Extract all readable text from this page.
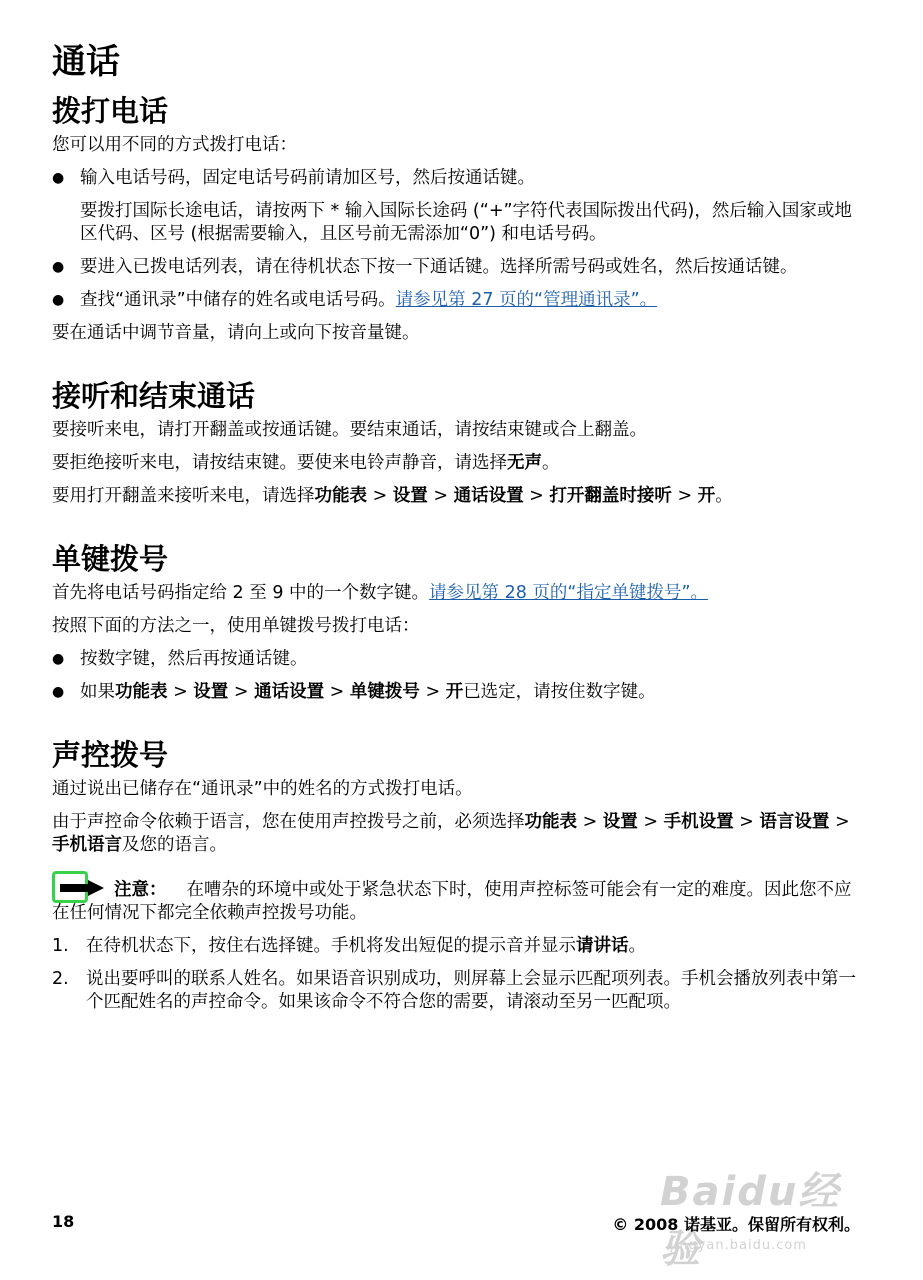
通话
拨打电话

您可以用不同的方式拨打电话：

● 输入电话号码，固定电话号码前请加区号，然后按通话键。

要拨打国际长途电话，请按两下 * 输入国际长途码 (“+”字符代表国际拨出代码)，然后输入国家或地区代码、区号 (根据需要输入，且区号前无需添加“0”) 和电话号码。

● 要进入已拨电话列表，请在待机状态下按一下通话键。选择所需号码或姓名，然后按通话键。
● 查找“通讯录”中储存的姓名或电话号码。请参见第 27 页的“管理通讯录”。

要在通话中调节音量，请向上或向下按音量键。

接听和结束通话

要接听来电，请打开翻盖或按通话键。要结束通话，请按结束键或合上翻盖。

要拒绝接听来电，请按结束键。要使来电铃声静音，请选择无声。

要用打开翻盖来接听来电，请选择功能表 > 设置 > 通话设置 > 打开翻盖时接听 > 开。

单键拨号

首先将电话号码指定给 2 至 9 中的一个数字键。请参见第 28 页的“指定单键拨号”。

按照下面的方法之一，使用单键拨号拨打电话：

● 按数字键，然后再按通话键。
● 如果功能表 > 设置 > 通话设置 > 单键拨号 > 开已选定，请按住数字键。
声控拨号

通过说出已储存在“通讯录”中的姓名的方式拨打电话。

由于声控命令依赖于语言，您在使用声控拨号之前，必须选择功能表 > 设置 > 手机设置 > 语言设置 > 手机语言及您的语言。

注意： 在嘈杂的环境中或处于紧急状态下时，使用声控标签可能会有一定的难度。因此您不应在任何情况下都完全依赖声控拨号功能。

1. 在待机状态下，按住右选择键。手机将发出短促的提示音并显示请讲话。
2. 说出要呼叫的联系人姓名。如果语音识别成功，则屏幕上会显示匹配项列表。手机会播放列表中第一个匹配姓名的声控命令。如果该命令不符合您的需要，请滚动至另一匹配项。
Baidu经验
jingyan.baidu.com
18	© 2008 诺基亚。保留所有权利。
